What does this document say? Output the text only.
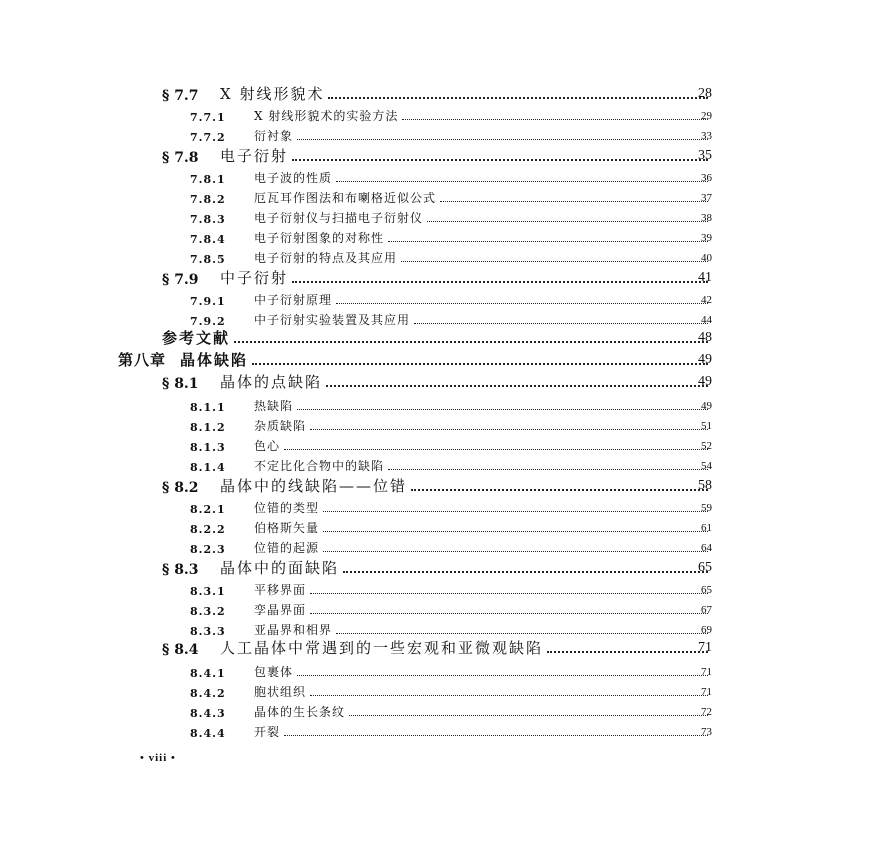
§ 7.7	X 射线形貌术	28
7.7.1	X 射线形貌术的实验方法	29
7.7.2	衍衬象	33
§ 7.8	电子衍射	35
7.8.1	电子波的性质	36
7.8.2	厄瓦耳作图法和布喇格近似公式	37
7.8.3	电子衍射仪与扫描电子衍射仪	38
7.8.4	电子衍射图象的对称性	39
7.8.5	电子衍射的特点及其应用	40
§ 7.9	中子衍射	41
7.9.1	中子衍射原理	42
7.9.2	中子衍射实验装置及其应用	44
参考文献	48
第八章 晶体缺陷	49
§ 8.1	晶体的点缺陷	49
8.1.1	热缺陷	49
8.1.2	杂质缺陷	51
8.1.3	色心	52
8.1.4	不定比化合物中的缺陷	54
§ 8.2	晶体中的线缺陷——位错	58
8.2.1	位错的类型	59
8.2.2	伯格斯矢量	61
8.2.3	位错的起源	64
§ 8.3	晶体中的面缺陷	65
8.3.1	平移界面	65
8.3.2	孪晶界面	67
8.3.3	亚晶界和相界	69
§ 8.4	人工晶体中常遇到的一些宏观和亚微观缺陷	71
8.4.1	包裹体	71
8.4.2	胞状组织	71
8.4.3	晶体的生长条纹	72
8.4.4	开裂	73
• viii •
